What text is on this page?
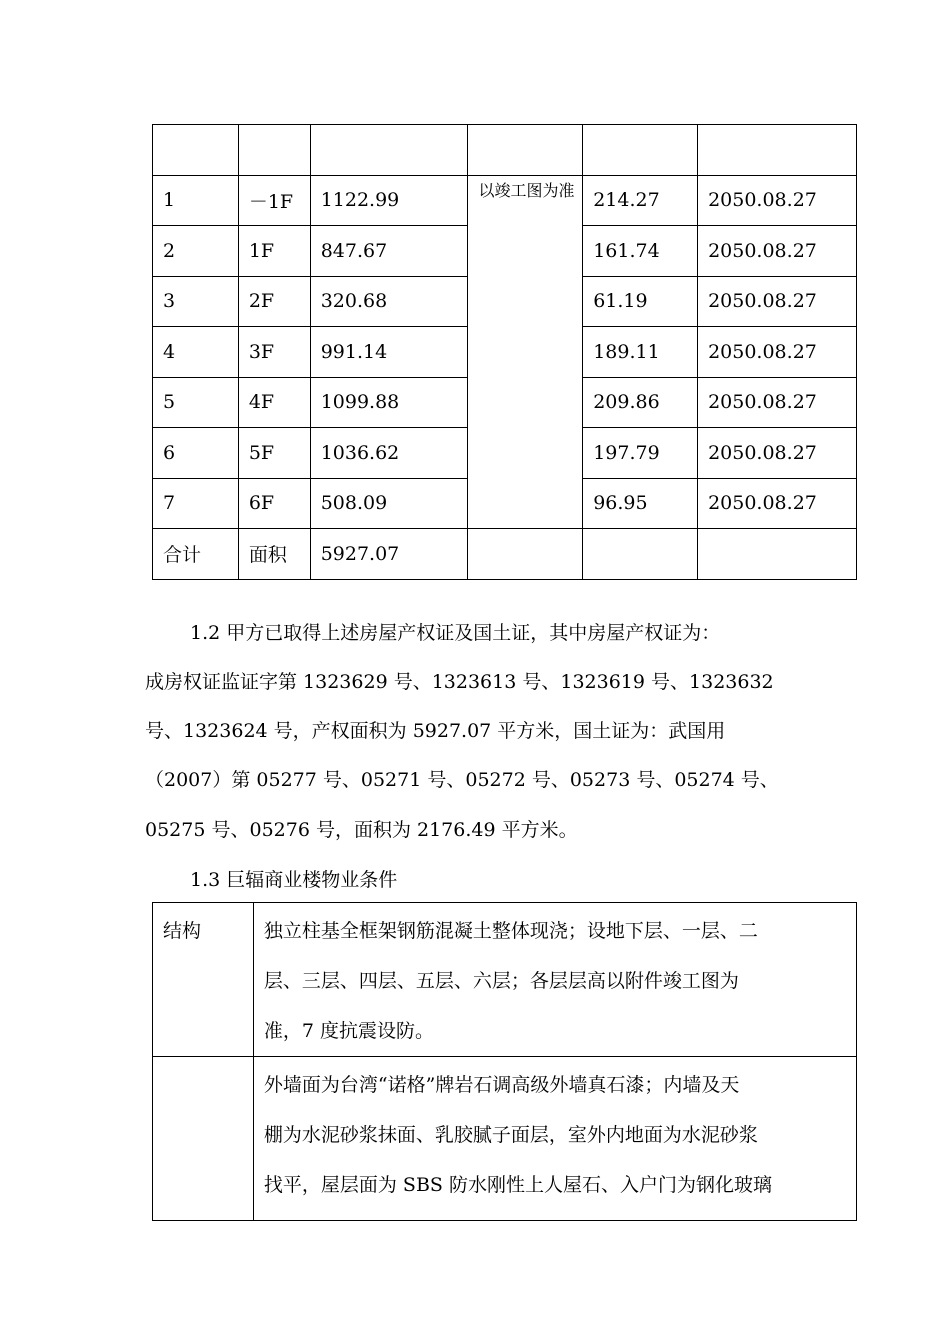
1	－1F	1122.99	以竣工图为准	214.27	2050.08.27
2	1F	847.67		161.74	2050.08.27
3	2F	320.68		61.19	2050.08.27
4	3F	991.14		189.11	2050.08.27
5	4F	1099.88		209.86	2050.08.27
6	5F	1036.62		197.79	2050.08.27
7	6F	508.09		96.95	2050.08.27
合计	面积	5927.07			
1.2 甲方已取得上述房屋产权证及国土证，其中房屋产权证为：
成房权证监证字第 1323629 号、1323613 号、1323619 号、1323632
号、1323624 号，产权面积为 5927.07 平方米，国土证为：武国用
（2007）第 05277 号、05271 号、05272 号、05273 号、05274 号、
05275 号、05276 号，面积为 2176.49 平方米。
1.3 巨辐商业楼物业条件
结构	独立柱基全框架钢筋混凝土整体现浇；设地下层、一层、二
层、三层、四层、五层、六层；各层层高以附件竣工图为
准，7 度抗震设防。

	外墙面为台湾“诺格”牌岩石调高级外墙真石漆；内墙及天
棚为水泥砂浆抹面、乳胶腻子面层，室外内地面为水泥砂浆
找平，屋层面为 SBS 防水刚性上人屋石、入户门为钢化玻璃
